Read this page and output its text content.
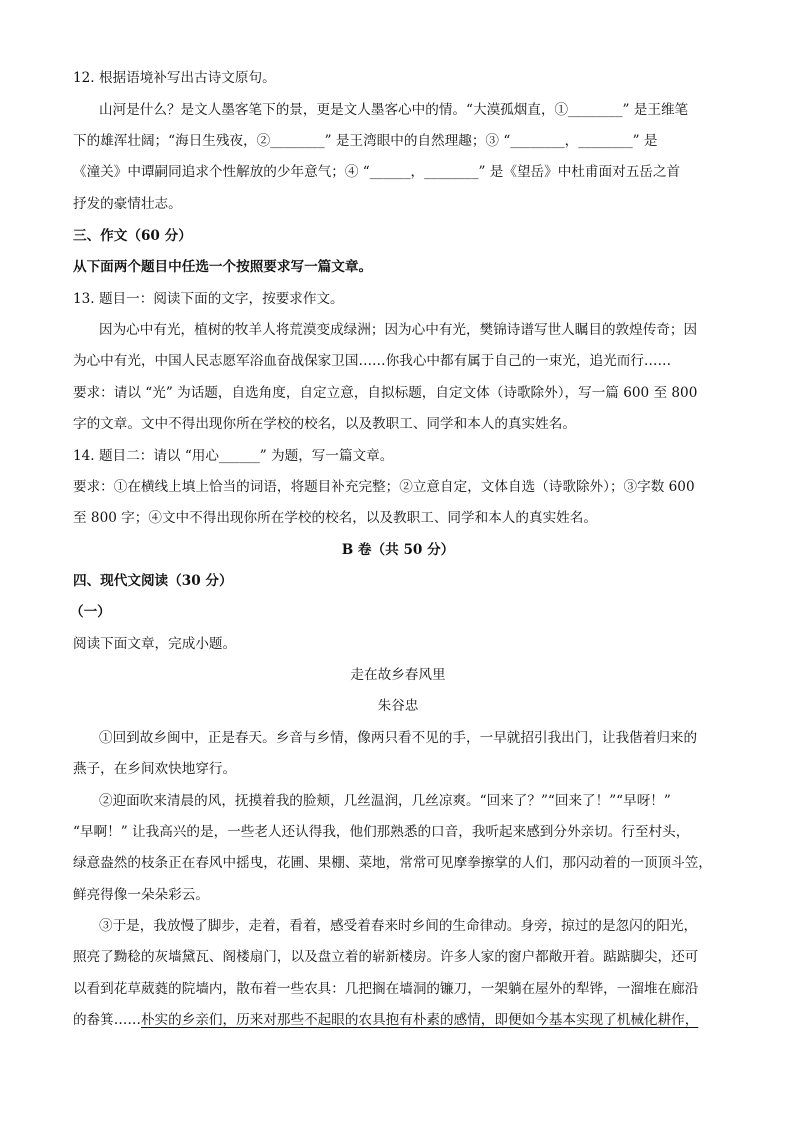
12. 根据语境补写出古诗文原句。
山河是什么？是文人墨客笔下的景，更是文人墨客心中的情。“大漠孤烟直，①________” 是王维笔
下的雄浑壮阔；“海日生残夜，②________” 是王湾眼中的自然理趣；③ “________，________” 是
《潼关》中谭嗣同追求个性解放的少年意气；④ “______，________” 是《望岳》中杜甫面对五岳之首
抒发的豪情壮志。
三、作文（60 分）
从下面两个题目中任选一个按照要求写一篇文章。
13. 题目一：阅读下面的文字，按要求作文。
因为心中有光，植树的牧羊人将荒漠变成绿洲；因为心中有光，樊锦诗谱写世人瞩目的敦煌传奇；因
为心中有光，中国人民志愿军浴血奋战保家卫国……你我心中都有属于自己的一束光，追光而行……
要求：请以 “光” 为话题，自选角度，自定立意，自拟标题，自定文体（诗歌除外），写一篇 600 至 800
字的文章。文中不得出现你所在学校的校名，以及教职工、同学和本人的真实姓名。
14. 题目二：请以 “用心______” 为题，写一篇文章。
要求：①在横线上填上恰当的词语，将题目补充完整；②立意自定，文体自选（诗歌除外）；③字数 600
至 800 字；④文中不得出现你所在学校的校名，以及教职工、同学和本人的真实姓名。
B 卷（共 50 分）
四、现代文阅读（30 分）
（一）
阅读下面文章，完成小题。
走在故乡春风里
朱谷忠
①回到故乡闽中，正是春天。乡音与乡情，像两只看不见的手，一早就招引我出门，让我偕着归来的
燕子，在乡间欢快地穿行。
②迎面吹来清晨的风，抚摸着我的脸颊，几丝温润，几丝凉爽。“回来了？”“回来了！”“早呀！”
“早啊！” 让我高兴的是，一些老人还认得我，他们那熟悉的口音，我听起来感到分外亲切。行至村头，
绿意盎然的枝条正在春风中摇曳，花圃、果棚、菜地，常常可见摩拳擦掌的人们，那闪动着的一顶顶斗笠，
鲜亮得像一朵朵彩云。
③于是，我放慢了脚步，走着，看着，感受着春来时乡间的生命律动。身旁，掠过的是忽闪的阳光，
照亮了黝稔的灰墙黛瓦、阁楼扇门，以及盘立着的崭新楼房。许多人家的窗户都敞开着。踮踮脚尖，还可
以看到花草葳蕤的院墙内，散布着一些农具：几把搁在墙洞的镰刀，一架躺在屋外的犁铧，一溜堆在廊沿
的畚箕……朴实的乡亲们，历来对那些不起眼的农具抱有朴素的感情，即便如今基本实现了机械化耕作，
